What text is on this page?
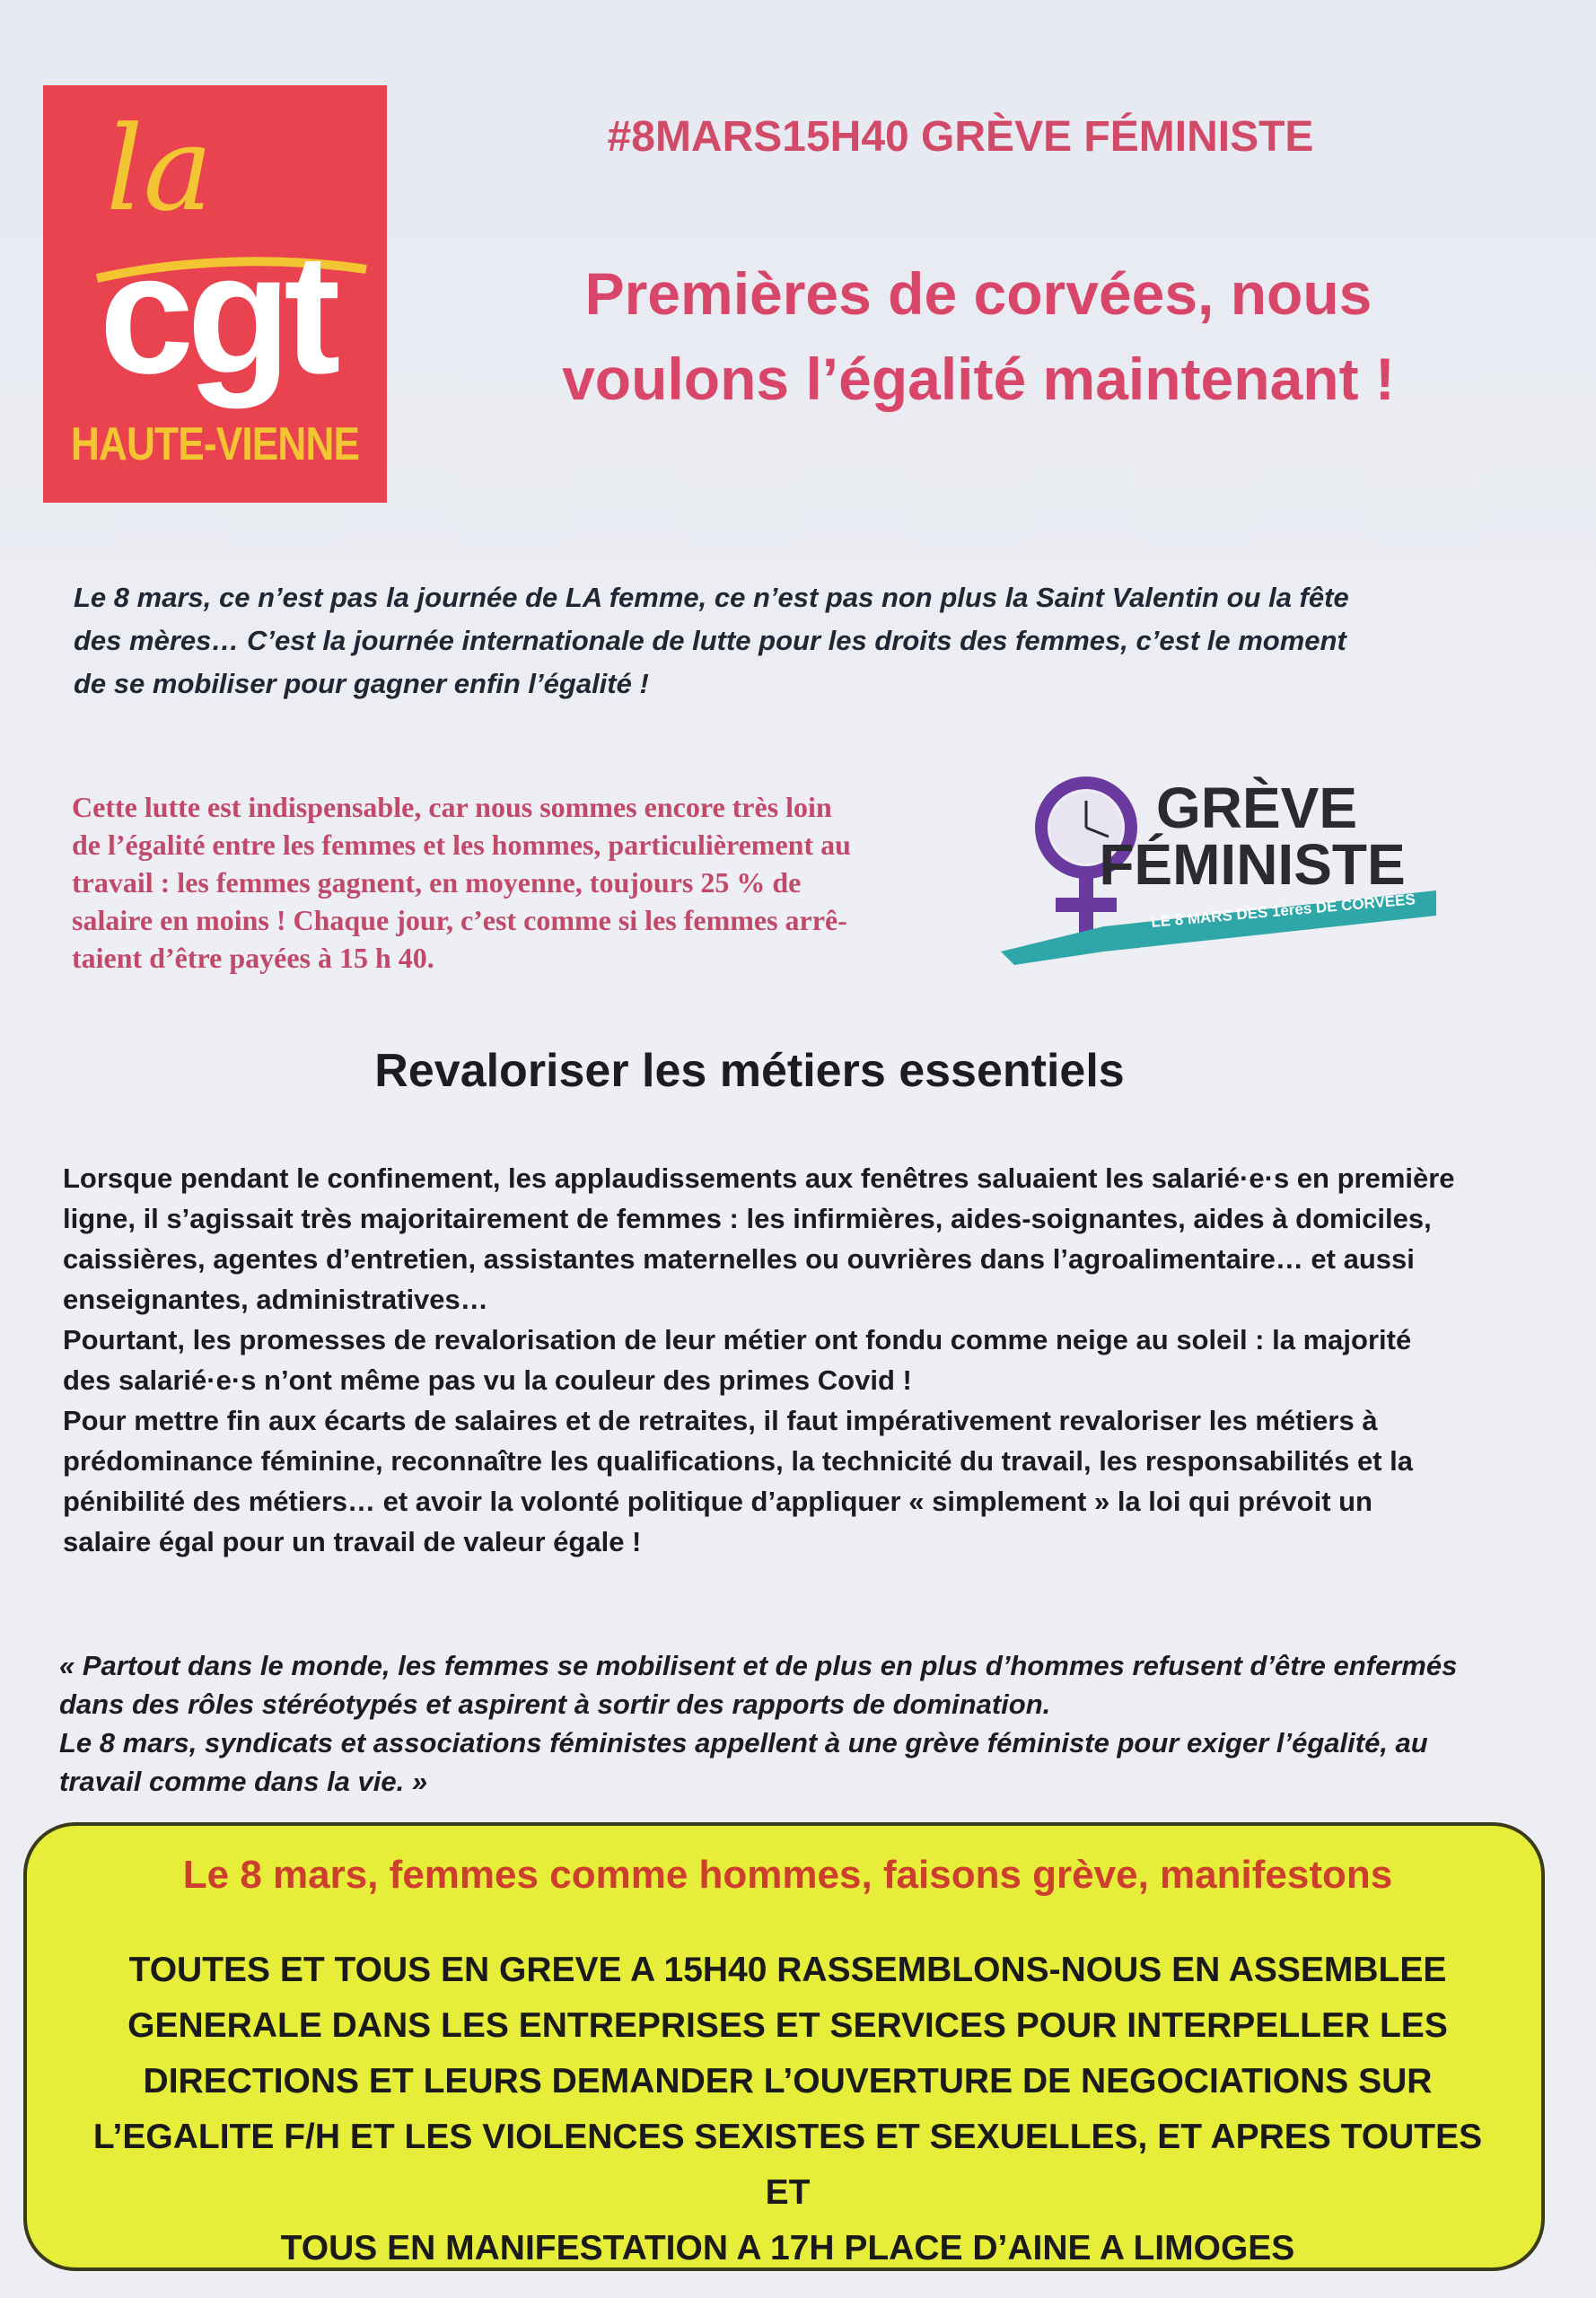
la
cgt
HAUTE-VIENNE
#8MARS15H40 GRÈVE FÉMINISTE
Premières de corvées, nous
voulons l’égalité maintenant !
Le 8 mars, ce n’est pas la journée de LA femme, ce n’est pas non plus la Saint Valentin ou la fête
des mères… C’est la journée internationale de lutte pour les droits des femmes, c’est le moment
de se mobiliser pour gagner enfin l’égalité !

Cette lutte est indispensable, car nous sommes encore très loin

de l’égalité entre les femmes et les hommes, particulièrement au

travail : les femmes gagnent, en moyenne, toujours 25 % de

salaire en moins ! Chaque jour, c’est comme si les femmes arrê-

taient d’être payées à 15 h 40.

GRÈVE
FÉMINISTE
LE 8 MARS DES 1ères DE CORVÉES
Revaloriser les métiers essentiels

Lorsque pendant le confinement, les applaudissements aux fenêtres saluaient les salarié·e·s en première

ligne, il s’agissait très majoritairement de femmes : les infirmières, aides-soignantes, aides à domiciles,

caissières, agentes d’entretien, assistantes maternelles ou ouvrières dans l’agroalimentaire… et aussi

enseignantes, administratives…

Pourtant, les promesses de revalorisation de leur métier ont fondu comme neige au soleil : la majorité

des salarié·e·s n’ont même pas vu la couleur des primes Covid !

Pour mettre fin aux écarts de salaires et de retraites, il faut impérativement revaloriser les métiers à

prédominance féminine, reconnaître les qualifications, la technicité du travail, les responsabilités et la

pénibilité des métiers… et avoir la volonté politique d’appliquer « simplement » la loi qui prévoit un

salaire égal pour un travail de valeur égale !

« Partout dans le monde, les femmes se mobilisent et de plus en plus d’hommes refusent d’être enfermés

dans des rôles stéréotypés et aspirent à sortir des rapports de domination.

Le 8 mars, syndicats et associations féministes appellent à une grève féministe pour exiger l’égalité, au

travail comme dans la vie. »

Le 8 mars, femmes comme hommes, faisons grève, manifestons
TOUTES ET TOUS EN GREVE A 15H40 RASSEMBLONS-NOUS EN ASSEMBLEE
GENERALE DANS LES ENTREPRISES ET SERVICES POUR INTERPELLER LES
DIRECTIONS ET LEURS DEMANDER L’OUVERTURE DE NEGOCIATIONS SUR
L’EGALITE F/H ET LES VIOLENCES SEXISTES ET SEXUELLES, ET APRES TOUTES ET
TOUS EN MANIFESTATION A 17H PLACE D’AINE A LIMOGES
